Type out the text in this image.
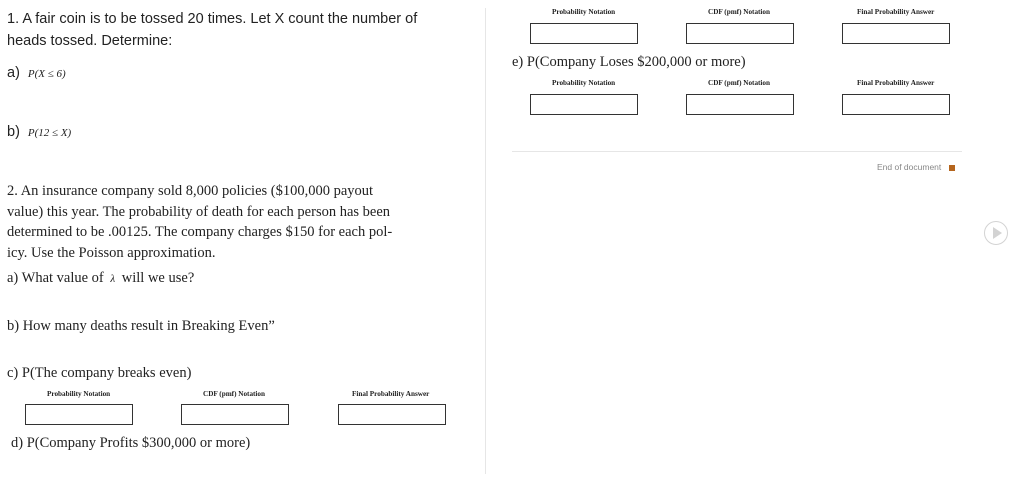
1. A fair coin is to be tossed 20 times. Let X count the number of
heads tossed. Determine:
a) P(X ≤ 6)
b) P(12 ≤ X)
2. An insurance company sold 8,000 policies ($100,000 payout
value) this year. The probability of death for each person has been
determined to be .00125. The company charges $150 for each pol-
icy. Use the Poisson approximation.
a) What value of λ will we use?
b) How many deaths result in Breaking Even”
c) P(The company breaks even)
Probability Notation	CDF (pmf) Notation	Final Probability Answer
d) P(Company Profits $300,000 or more)
Probability Notation	CDF (pmf) Notation	Final Probability Answer
e) P(Company Loses $200,000 or more)
Probability Notation	CDF (pmf) Notation	Final Probability Answer
End of document
